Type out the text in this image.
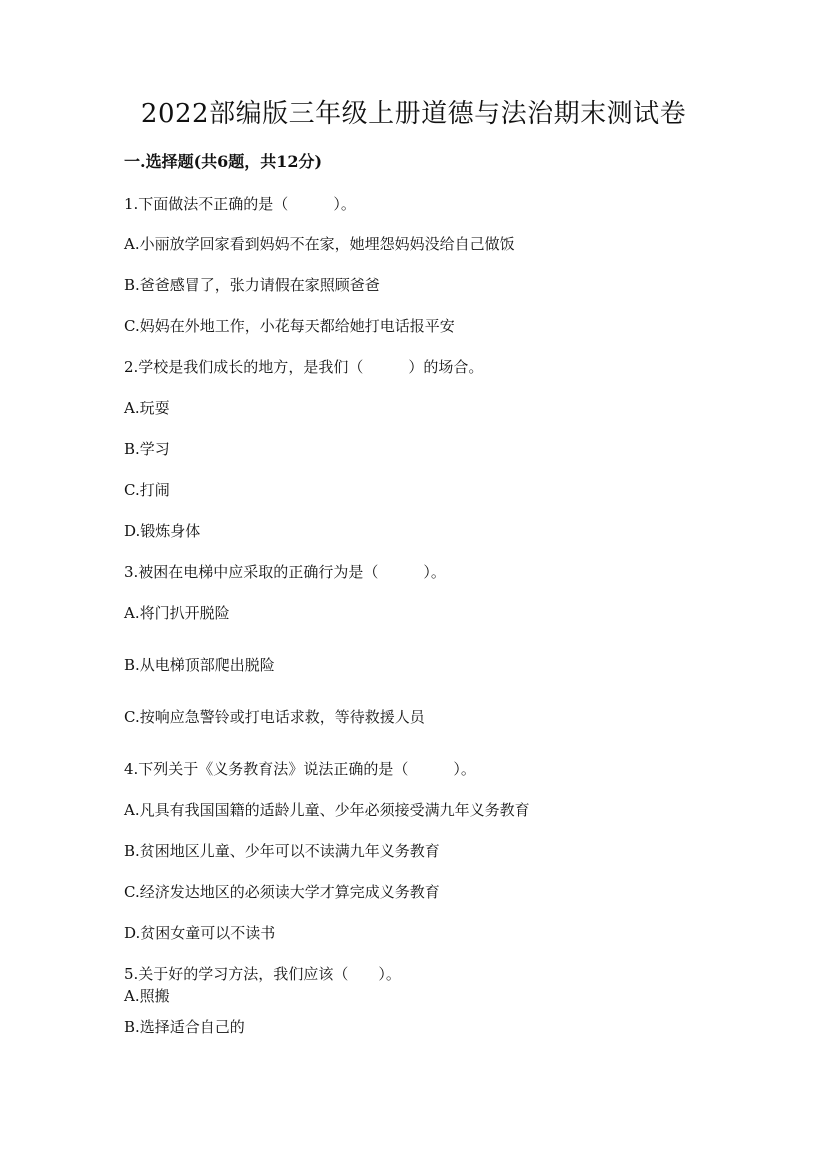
2022部编版三年级上册道德与法治期末测试卷
一.选择题(共6题，共12分)
1.下面做法不正确的是（　　　）。
A.小丽放学回家看到妈妈不在家，她埋怨妈妈没给自己做饭
B.爸爸感冒了，张力请假在家照顾爸爸
C.妈妈在外地工作，小花每天都给她打电话报平安
2.学校是我们成长的地方，是我们（　　　）的场合。
A.玩耍
B.学习
C.打闹
D.锻炼身体
3.被困在电梯中应采取的正确行为是（　　　）。
A.将门扒开脱险
B.从电梯顶部爬出脱险
C.按响应急警铃或打电话求救，等待救援人员
4.下列关于《义务教育法》说法正确的是（　　　）。
A.凡具有我国国籍的适龄儿童、少年必须接受满九年义务教育
B.贫困地区儿童、少年可以不读满九年义务教育
C.经济发达地区的必须读大学才算完成义务教育
D.贫困女童可以不读书
5.关于好的学习方法，我们应该（　　）。
A.照搬
B.选择适合自己的
